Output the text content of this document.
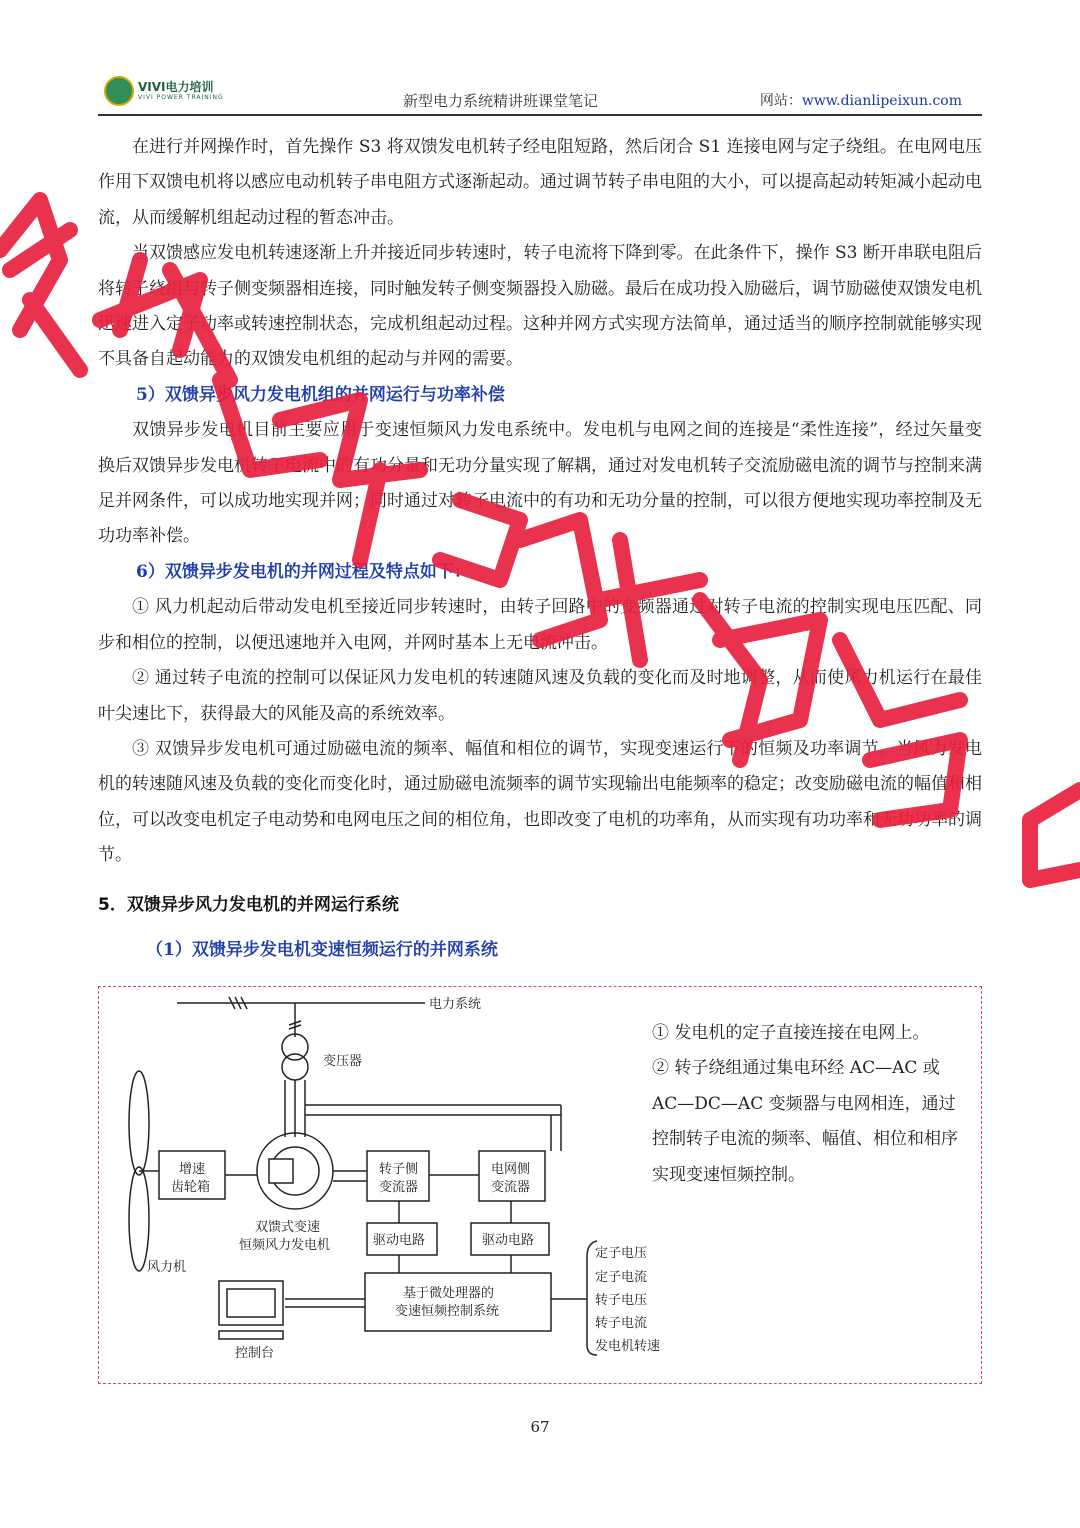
VIVI电力培训
VIVI POWER TRAINING	新型电力系统精讲班课堂笔记	网站：www.dianlipeixun.com

在进行并网操作时，首先操作 S3 将双馈发电机转子经电阻短路，然后闭合 S1 连接电网与定子绕组。在电网电压作用下双馈电机将以感应电动机转子串电阻方式逐渐起动。通过调节转子串电阻的大小，可以提高起动转矩减小起动电流，从而缓解机组起动过程的暂态冲击。

当双馈感应发电机转速逐渐上升并接近同步转速时，转子电流将下降到零。在此条件下，操作 S3 断开串联电阻后将转子绕组与转子侧变频器相连接，同时触发转子侧变频器投入励磁。最后在成功投入励磁后，调节励磁使双馈发电机迅速进入定子功率或转速控制状态，完成机组起动过程。这种并网方式实现方法简单，通过适当的顺序控制就能够实现不具备自起动能力的双馈发电机组的起动与并网的需要。

5）双馈异步风力发电机组的并网运行与功率补偿

双馈异步发电机目前主要应用于变速恒频风力发电系统中。发电机与电网之间的连接是“柔性连接”，经过矢量变换后双馈异步发电机转子电流中的有功分量和无功分量实现了解耦，通过对发电机转子交流励磁电流的调节与控制来满足并网条件，可以成功地实现并网；同时通过对转子电流中的有功和无功分量的控制，可以很方便地实现功率控制及无功功率补偿。

6）双馈异步发电机的并网过程及特点如下：

① 风力机起动后带动发电机至接近同步转速时，由转子回路中的变频器通过对转子电流的控制实现电压匹配、同步和相位的控制，以便迅速地并入电网，并网时基本上无电流冲击。

② 通过转子电流的控制可以保证风力发电机的转速随风速及负载的变化而及时地调整，从而使风力机运行在最佳叶尖速比下，获得最大的风能及高的系统效率。

③ 双馈异步发电机可通过励磁电流的频率、幅值和相位的调节，实现变速运行下的恒频及功率调节。当风力发电机的转速随风速及负载的变化而变化时，通过励磁电流频率的调节实现输出电能频率的稳定；改变励磁电流的幅值和相位，可以改变电机定子电动势和电网电压之间的相位角，也即改变了电机的功率角，从而实现有功功率和无功功率的调节。

5．双馈异步风力发电机的并网运行系统
（1）双馈异步发电机变速恒频运行的并网系统
电力系统
变压器
增速
齿轮箱
双馈式变速
恒频风力发电机
风力机
转子侧
变流器
电网侧
变流器
驱动电路	驱动电路
基于微处理器的
变速恒频控制系统
控制台
定子电压
定子电流
转子电压
转子电流
发电机转速

① 发电机的定子直接连接在电网上。

② 转子绕组通过集电环经 AC—AC 或 AC—DC—AC 变频器与电网相连，通过控制转子电流的频率、幅值、相位和相序实现变速恒频控制。

67
